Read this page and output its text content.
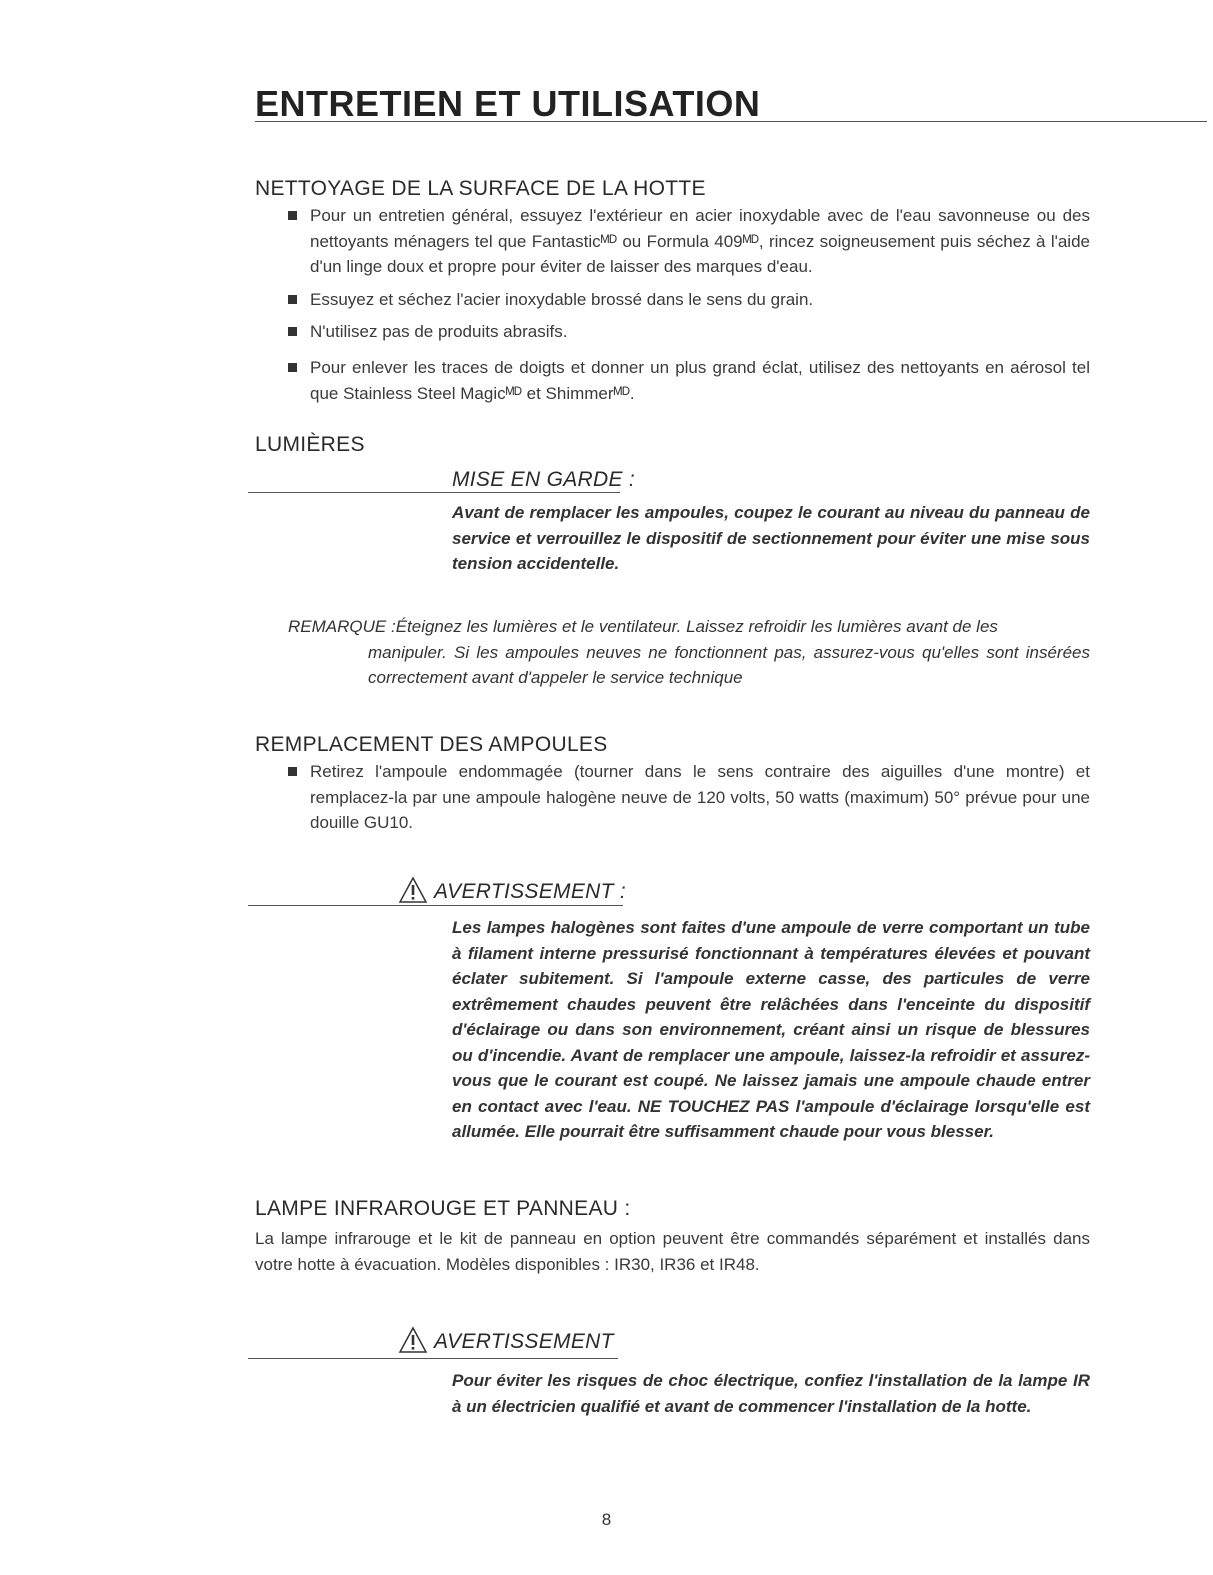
ENTRETIEN ET UTILISATION
NETTOYAGE DE LA SURFACE DE LA HOTTE
Pour un entretien général, essuyez l'extérieur en acier inoxydable avec de l'eau savonneuse ou des nettoyants ménagers tel que Fantasticᴹᴰ ou Formula 409ᴹᴰ, rincez soigneusement puis séchez à l'aide d'un linge doux et propre pour éviter de laisser des marques d'eau.
Essuyez et séchez l'acier inoxydable brossé dans le sens du grain.
N'utilisez pas de produits abrasifs.
Pour enlever les traces de doigts et donner un plus grand éclat, utilisez des nettoyants en aérosol tel que Stainless Steel Magicᴹᴰ et Shimmerᴹᴰ.
LUMIÈRES
MISE EN GARDE :
Avant de remplacer les ampoules, coupez le courant au niveau du panneau de service et verrouillez le dispositif de sectionnement pour éviter une mise sous tension accidentelle.
REMARQUE :Éteignez les lumières et le ventilateur. Laissez refroidir les lumières avant de les
manipuler. Si les ampoules neuves ne fonctionnent pas, assurez-vous qu'elles sont insérées correctement avant d'appeler le service technique
REMPLACEMENT DES AMPOULES
Retirez l'ampoule endommagée (tourner dans le sens contraire des aiguilles d'une montre) et remplacez-la par une ampoule halogène neuve de 120 volts, 50 watts (maximum) 50° prévue pour une douille GU10.
AVERTISSEMENT :
Les lampes halogènes sont faites d'une ampoule de verre comportant un tube à filament interne pressurisé fonctionnant à températures élevées et pouvant éclater subitement. Si l'ampoule externe casse, des particules de verre extrêmement chaudes peuvent être relâchées dans l'enceinte du dispositif d'éclairage ou dans son environnement, créant ainsi un risque de blessures ou d'incendie. Avant de remplacer une ampoule, laissez-la refroidir et assurez-vous que le courant est coupé. Ne laissez jamais une ampoule chaude entrer en contact avec l'eau. NE TOUCHEZ PAS l'ampoule d'éclairage lorsqu'elle est allumée. Elle pourrait être suffisamment chaude pour vous blesser.
LAMPE INFRAROUGE ET PANNEAU :
La lampe infrarouge et le kit de panneau en option peuvent être commandés séparément et installés dans votre hotte à évacuation. Modèles disponibles : IR30, IR36 et IR48.
AVERTISSEMENT
Pour éviter les risques de choc électrique, confiez l'installation de la lampe IR à un électricien qualifié et avant de commencer l'installation de la hotte.
8
